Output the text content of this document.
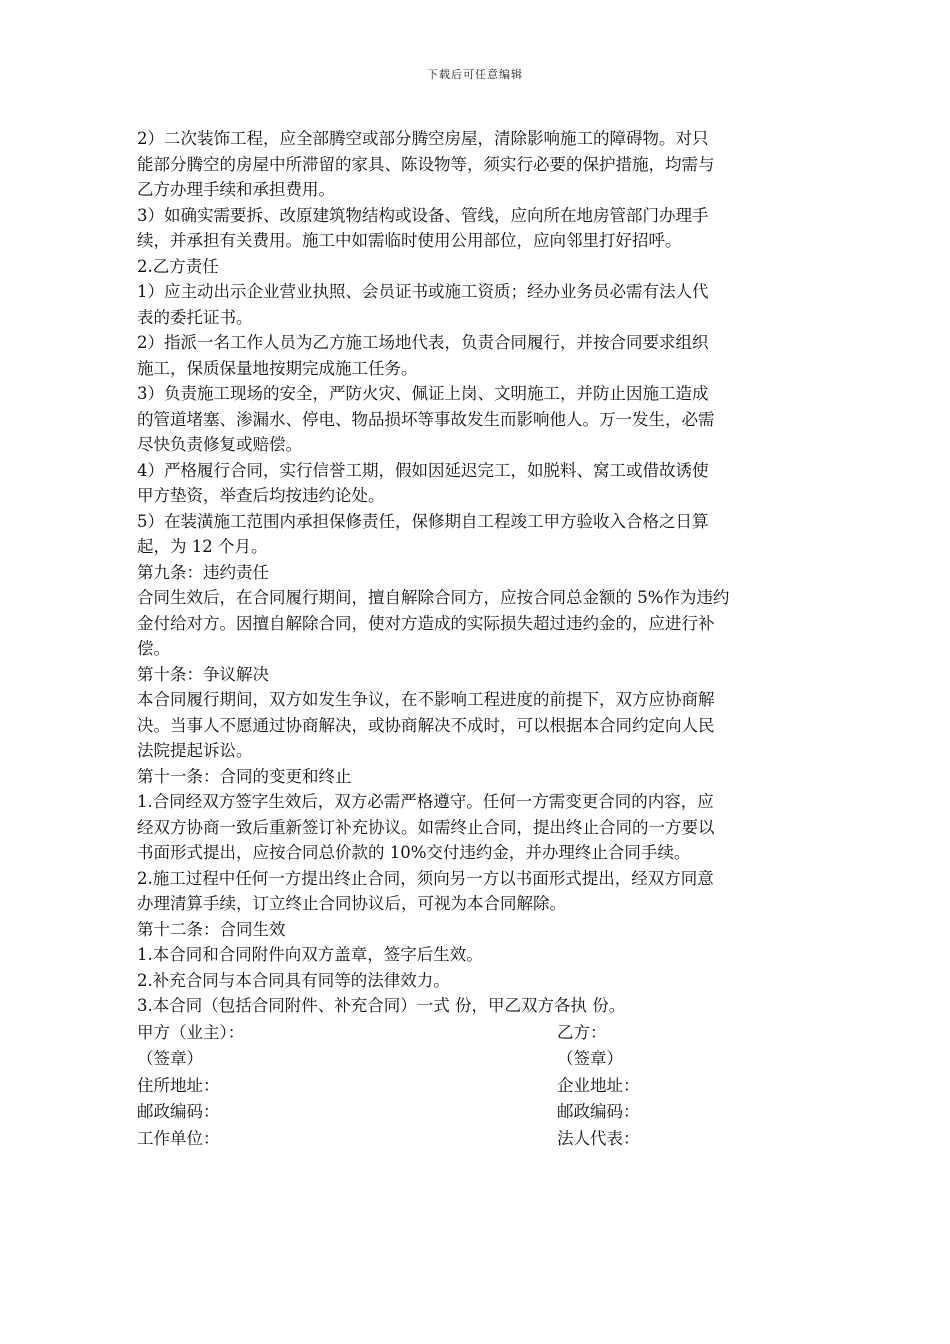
下载后可任意编辑
2）二次装饰工程，应全部腾空或部分腾空房屋，清除影响施工的障碍物。对只
能部分腾空的房屋中所滞留的家具、陈设物等，须实行必要的保护措施，均需与
乙方办理手续和承担费用。
3）如确实需要拆、改原建筑物结构或设备、管线，应向所在地房管部门办理手
续，并承担有关费用。施工中如需临时使用公用部位，应向邻里打好招呼。
2.乙方责任
1）应主动出示企业营业执照、会员证书或施工资质；经办业务员必需有法人代
表的委托证书。
2）指派一名工作人员为乙方施工场地代表，负责合同履行，并按合同要求组织
施工，保质保量地按期完成施工任务。
3）负责施工现场的安全，严防火灾、佩证上岗、文明施工，并防止因施工造成
的管道堵塞、渗漏水、停电、物品损坏等事故发生而影响他人。万一发生，必需
尽快负责修复或赔偿。
4）严格履行合同，实行信誉工期，假如因延迟完工，如脱料、窝工或借故诱使
甲方垫资，举查后均按违约论处。
5）在装潢施工范围内承担保修责任，保修期自工程竣工甲方验收入合格之日算
起，为 12 个月。
第九条：违约责任
合同生效后，在合同履行期间，擅自解除合同方，应按合同总金额的 5%作为违约
金付给对方。因擅自解除合同，使对方造成的实际损失超过违约金的，应进行补
偿。
第十条：争议解决
本合同履行期间，双方如发生争议，在不影响工程进度的前提下，双方应协商解
决。当事人不愿通过协商解决，或协商解决不成时，可以根据本合同约定向人民
法院提起诉讼。
第十一条：合同的变更和终止
1.合同经双方签字生效后，双方必需严格遵守。任何一方需变更合同的内容，应
经双方协商一致后重新签订补充协议。如需终止合同，提出终止合同的一方要以
书面形式提出，应按合同总价款的 10%交付违约金，并办理终止合同手续。
2.施工过程中任何一方提出终止合同，须向另一方以书面形式提出，经双方同意
办理清算手续，订立终止合同协议后，可视为本合同解除。
第十二条：合同生效
1.本合同和合同附件向双方盖章，签字后生效。
2.补充合同与本合同具有同等的法律效力。
3.本合同（包括合同附件、补充合同）一式 份，甲乙双方各执 份。
甲方（业主）：	乙方：
（签章）	（签章）
住所地址：	企业地址：
邮政编码：	邮政编码：
工作单位：	法人代表：
